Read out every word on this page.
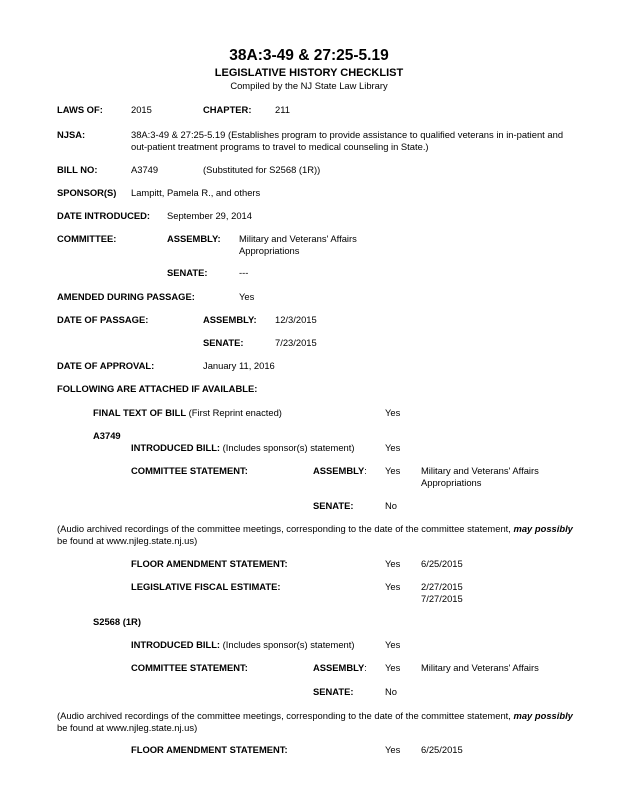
38A:3-49 & 27:25-5.19
LEGISLATIVE HISTORY CHECKLIST
Compiled by the NJ State Law Library
LAWS OF:	2015	CHAPTER:	211
NJSA:	38A:3-49 & 27:25-5.19 (Establishes program to provide assistance to qualified veterans in in-patient and
out-patient treatment programs to travel to medical counseling in State.)
BILL NO:	A3749	(Substituted for S2568 (1R))
SPONSOR(S) Lampitt, Pamela R., and others
DATE INTRODUCED: September 29, 2014
COMMITTEE:	ASSEMBLY: Military and Veterans' Affairs
Appropriations
SENATE:	---
AMENDED DURING PASSAGE:	Yes
DATE OF PASSAGE:	ASSEMBLY: 12/3/2015
SENATE:	7/23/2015
DATE OF APPROVAL:	January 11, 2016
FOLLOWING ARE ATTACHED IF AVAILABLE:
FINAL TEXT OF BILL (First Reprint enacted)	Yes
A3749
INTRODUCED BILL: (Includes sponsor(s) statement)	Yes
COMMITTEE STATEMENT:	ASSEMBLY: Yes Military and Veterans' Affairs
Appropriations
SENATE:	No
(Audio archived recordings of the committee meetings, corresponding to the date of the committee statement, may possibly
be found at www.njleg.state.nj.us)
FLOOR AMENDMENT STATEMENT:	Yes 6/25/2015
LEGISLATIVE FISCAL ESTIMATE:	Yes 2/27/2015
7/27/2015
S2568 (1R)
INTRODUCED BILL: (Includes sponsor(s) statement)	Yes
COMMITTEE STATEMENT:	ASSEMBLY: Yes Military and Veterans' Affairs
SENATE:	No
(Audio archived recordings of the committee meetings, corresponding to the date of the committee statement, may possibly
be found at www.njleg.state.nj.us)
FLOOR AMENDMENT STATEMENT:	Yes 6/25/2015
